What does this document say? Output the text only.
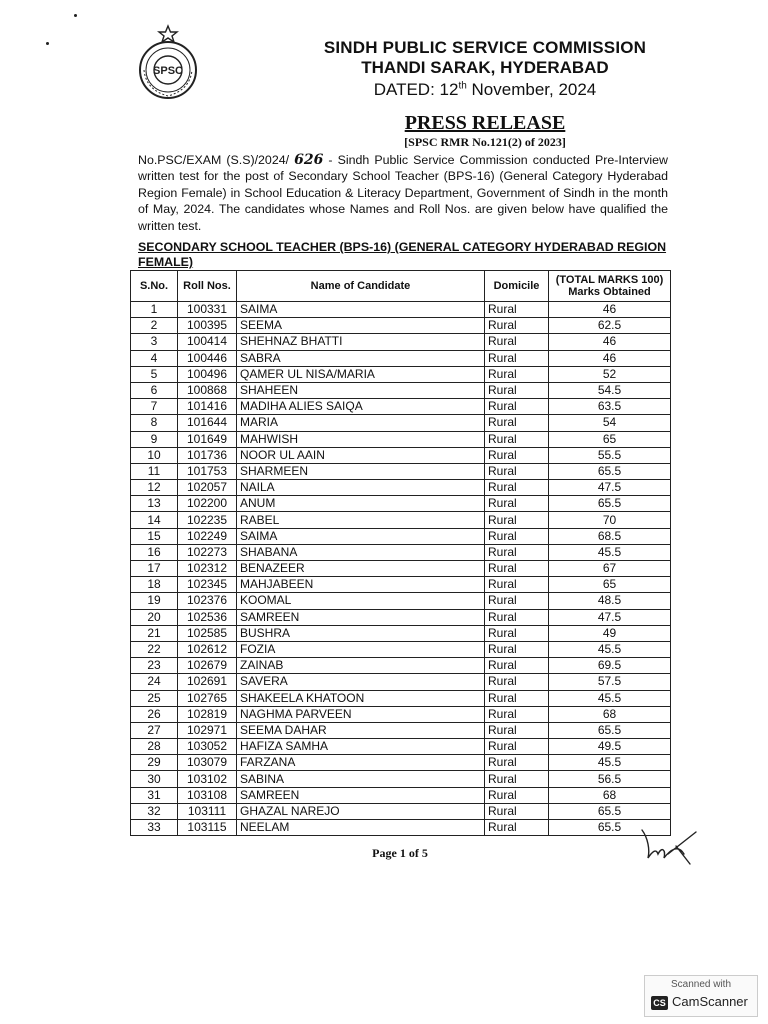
SPSC
SINDH PUBLIC SERVICE COMMISSION
THANDI SARAK, HYDERABAD
DATED: 12th November, 2024
PRESS RELEASE
[SPSC RMR No.121(2) of 2023]
No.PSC/EXAM (S.S)/2024/ 626 - Sindh Public Service Commission conducted Pre-Interview written test for the post of Secondary School Teacher (BPS-16) (General Category Hyderabad Region Female) in School Education & Literacy Department, Government of Sindh in the month of May, 2024. The candidates whose Names and Roll Nos. are given below have qualified the written test.
SECONDARY SCHOOL TEACHER (BPS-16) (GENERAL CATEGORY HYDERABAD REGION FEMALE)
S.No.	Roll Nos.	Name of Candidate	Domicile	(TOTAL MARKS 100) Marks Obtained
1	100331	SAIMA	Rural	46
2	100395	SEEMA	Rural	62.5
3	100414	SHEHNAZ BHATTI	Rural	46
4	100446	SABRA	Rural	46
5	100496	QAMER UL NISA/MARIA	Rural	52
6	100868	SHAHEEN	Rural	54.5
7	101416	MADIHA ALIES SAIQA	Rural	63.5
8	101644	MARIA	Rural	54
9	101649	MAHWISH	Rural	65
10	101736	NOOR UL AAIN	Rural	55.5
11	101753	SHARMEEN	Rural	65.5
12	102057	NAILA	Rural	47.5
13	102200	ANUM	Rural	65.5
14	102235	RABEL	Rural	70
15	102249	SAIMA	Rural	68.5
16	102273	SHABANA	Rural	45.5
17	102312	BENAZEER	Rural	67
18	102345	MAHJABEEN	Rural	65
19	102376	KOOMAL	Rural	48.5
20	102536	SAMREEN	Rural	47.5
21	102585	BUSHRA	Rural	49
22	102612	FOZIA	Rural	45.5
23	102679	ZAINAB	Rural	69.5
24	102691	SAVERA	Rural	57.5
25	102765	SHAKEELA KHATOON	Rural	45.5
26	102819	NAGHMA PARVEEN	Rural	68
27	102971	SEEMA DAHAR	Rural	65.5
28	103052	HAFIZA SAMHA	Rural	49.5
29	103079	FARZANA	Rural	45.5
30	103102	SABINA	Rural	56.5
31	103108	SAMREEN	Rural	68
32	103111	GHAZAL NAREJO	Rural	65.5
33	103115	NEELAM	Rural	65.5
Page 1 of 5
Scanned with
CS CamScanner
